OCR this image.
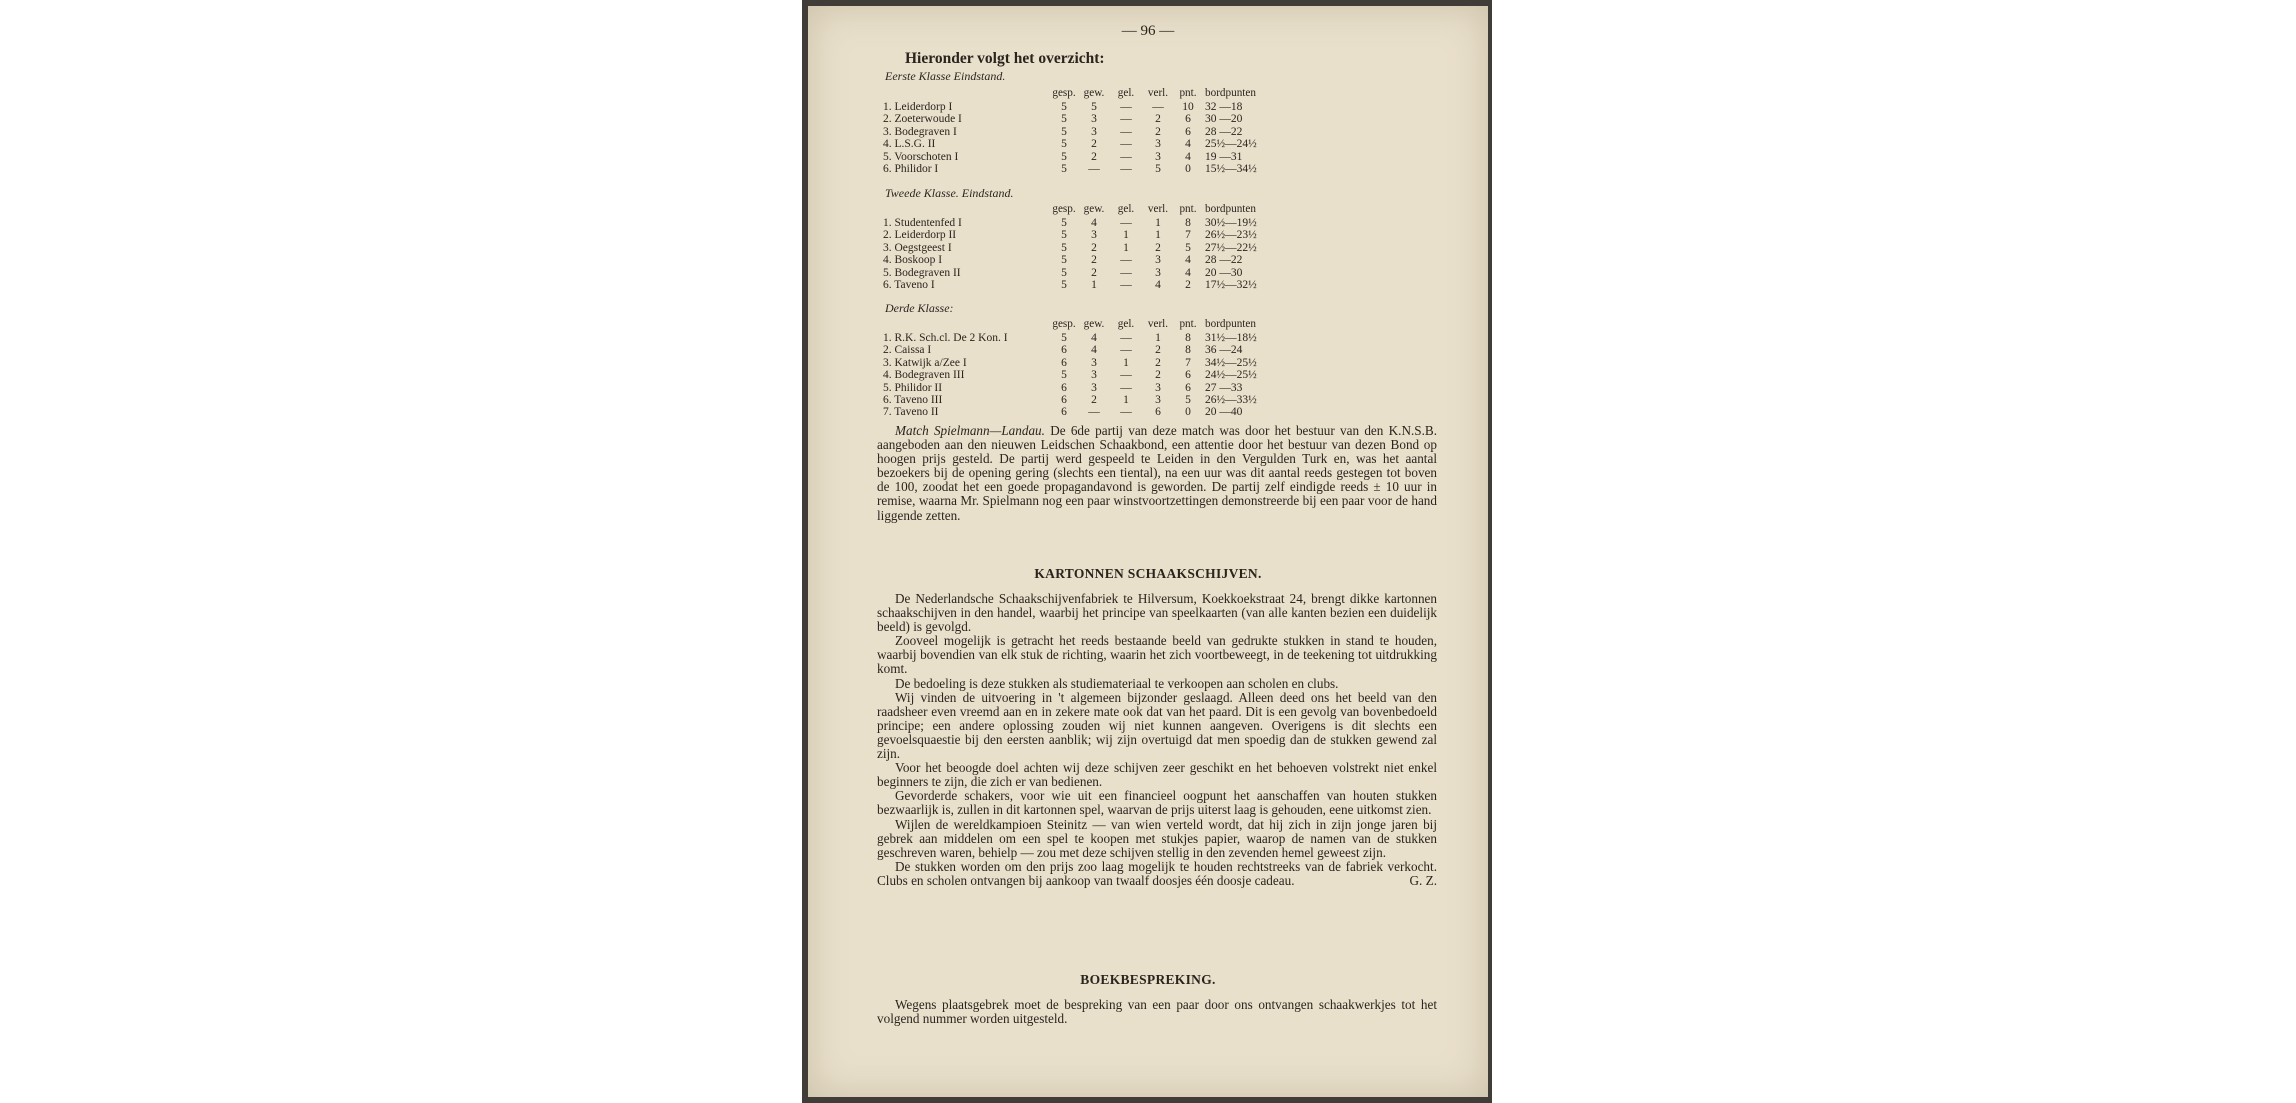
— 96 —
Hieronder volgt het overzicht:
Eerste Klasse Eindstand.
	gesp.	gew.	gel.	verl.	pnt.	bordpunten
1. Leiderdorp I	5	5	—	—	10	32 —18
2. Zoeterwoude I	5	3	—	2	6	30 —20
3. Bodegraven I	5	3	—	2	6	28 —22
4. L.S.G. II	5	2	—	3	4	25½—24½
5. Voorschoten I	5	2	—	3	4	19 —31
6. Philidor I	5	—	—	5	0	15½—34½
Tweede Klasse. Eindstand.
	gesp.	gew.	gel.	verl.	pnt.	bordpunten
1. Studentenfed I	5	4	—	1	8	30½—19½
2. Leiderdorp II	5	3	1	1	7	26½—23½
3. Oegstgeest I	5	2	1	2	5	27½—22½
4. Boskoop I	5	2	—	3	4	28 —22
5. Bodegraven II	5	2	—	3	4	20 —30
6. Taveno I	5	1	—	4	2	17½—32½
Derde Klasse:
	gesp.	gew.	gel.	verl.	pnt.	bordpunten
1. R.K. Sch.cl. De 2 Kon. I	5	4	—	1	8	31½—18½
2. Caissa I	6	4	—	2	8	36 —24
3. Katwijk a/Zee I	6	3	1	2	7	34½—25½
4. Bodegraven III	5	3	—	2	6	24½—25½
5. Philidor II	6	3	—	3	6	27 —33
6. Taveno III	6	2	1	3	5	26½—33½
7. Taveno II	6	—	—	6	0	20 —40

Match Spielmann—Landau. De 6de partij van deze match was door het bestuur van den K.N.S.B. aangeboden aan den nieuwen Leidschen Schaakbond, een attentie door het bestuur van dezen Bond op hoogen prijs gesteld. De partij werd gespeeld te Leiden in den Vergulden Turk en, was het aantal bezoekers bij de opening gering (slechts een tiental), na een uur was dit aantal reeds gestegen tot boven de 100, zoodat het een goede propagandavond is geworden. De partij zelf eindigde reeds ± 10 uur in remise, waarna Mr. Spielmann nog een paar winstvoortzettingen demonstreerde bij een paar voor de hand liggende zetten.

KARTONNEN SCHAAKSCHIJVEN.

De Nederlandsche Schaakschijvenfabriek te Hilversum, Koekkoekstraat 24, brengt dikke kartonnen schaakschijven in den handel, waarbij het principe van speelkaarten (van alle kanten bezien een duidelijk beeld) is gevolgd.

Zooveel mogelijk is getracht het reeds bestaande beeld van gedrukte stukken in stand te houden, waarbij bovendien van elk stuk de richting, waarin het zich voortbeweegt, in de teekening tot uitdrukking komt.

De bedoeling is deze stukken als studiemateriaal te verkoopen aan scholen en clubs.

Wij vinden de uitvoering in 't algemeen bijzonder geslaagd. Alleen deed ons het beeld van den raadsheer even vreemd aan en in zekere mate ook dat van het paard. Dit is een gevolg van bovenbedoeld principe; een andere oplossing zouden wij niet kunnen aangeven. Overigens is dit slechts een gevoelsquaestie bij den eersten aanblik; wij zijn overtuigd dat men spoedig dan de stukken gewend zal zijn.

Voor het beoogde doel achten wij deze schijven zeer geschikt en het behoeven volstrekt niet enkel beginners te zijn, die zich er van bedienen.

Gevorderde schakers, voor wie uit een financieel oogpunt het aanschaffen van houten stukken bezwaarlijk is, zullen in dit kartonnen spel, waarvan de prijs uiterst laag is gehouden, eene uitkomst zien.

Wijlen de wereldkampioen Steinitz — van wien verteld wordt, dat hij zich in zijn jonge jaren bij gebrek aan middelen om een spel te koopen met stukjes papier, waarop de namen van de stukken geschreven waren, behielp — zou met deze schijven stellig in den zevenden hemel geweest zijn.

De stukken worden om den prijs zoo laag mogelijk te houden rechtstreeks van de fabriek verkocht. Clubs en scholen ontvangen bij aankoop van twaalf doosjes één doosje cadeau.	G. Z.

BOEKBESPREKING.

Wegens plaatsgebrek moet de bespreking van een paar door ons ontvangen schaakwerkjes tot het volgend nummer worden uitgesteld.
